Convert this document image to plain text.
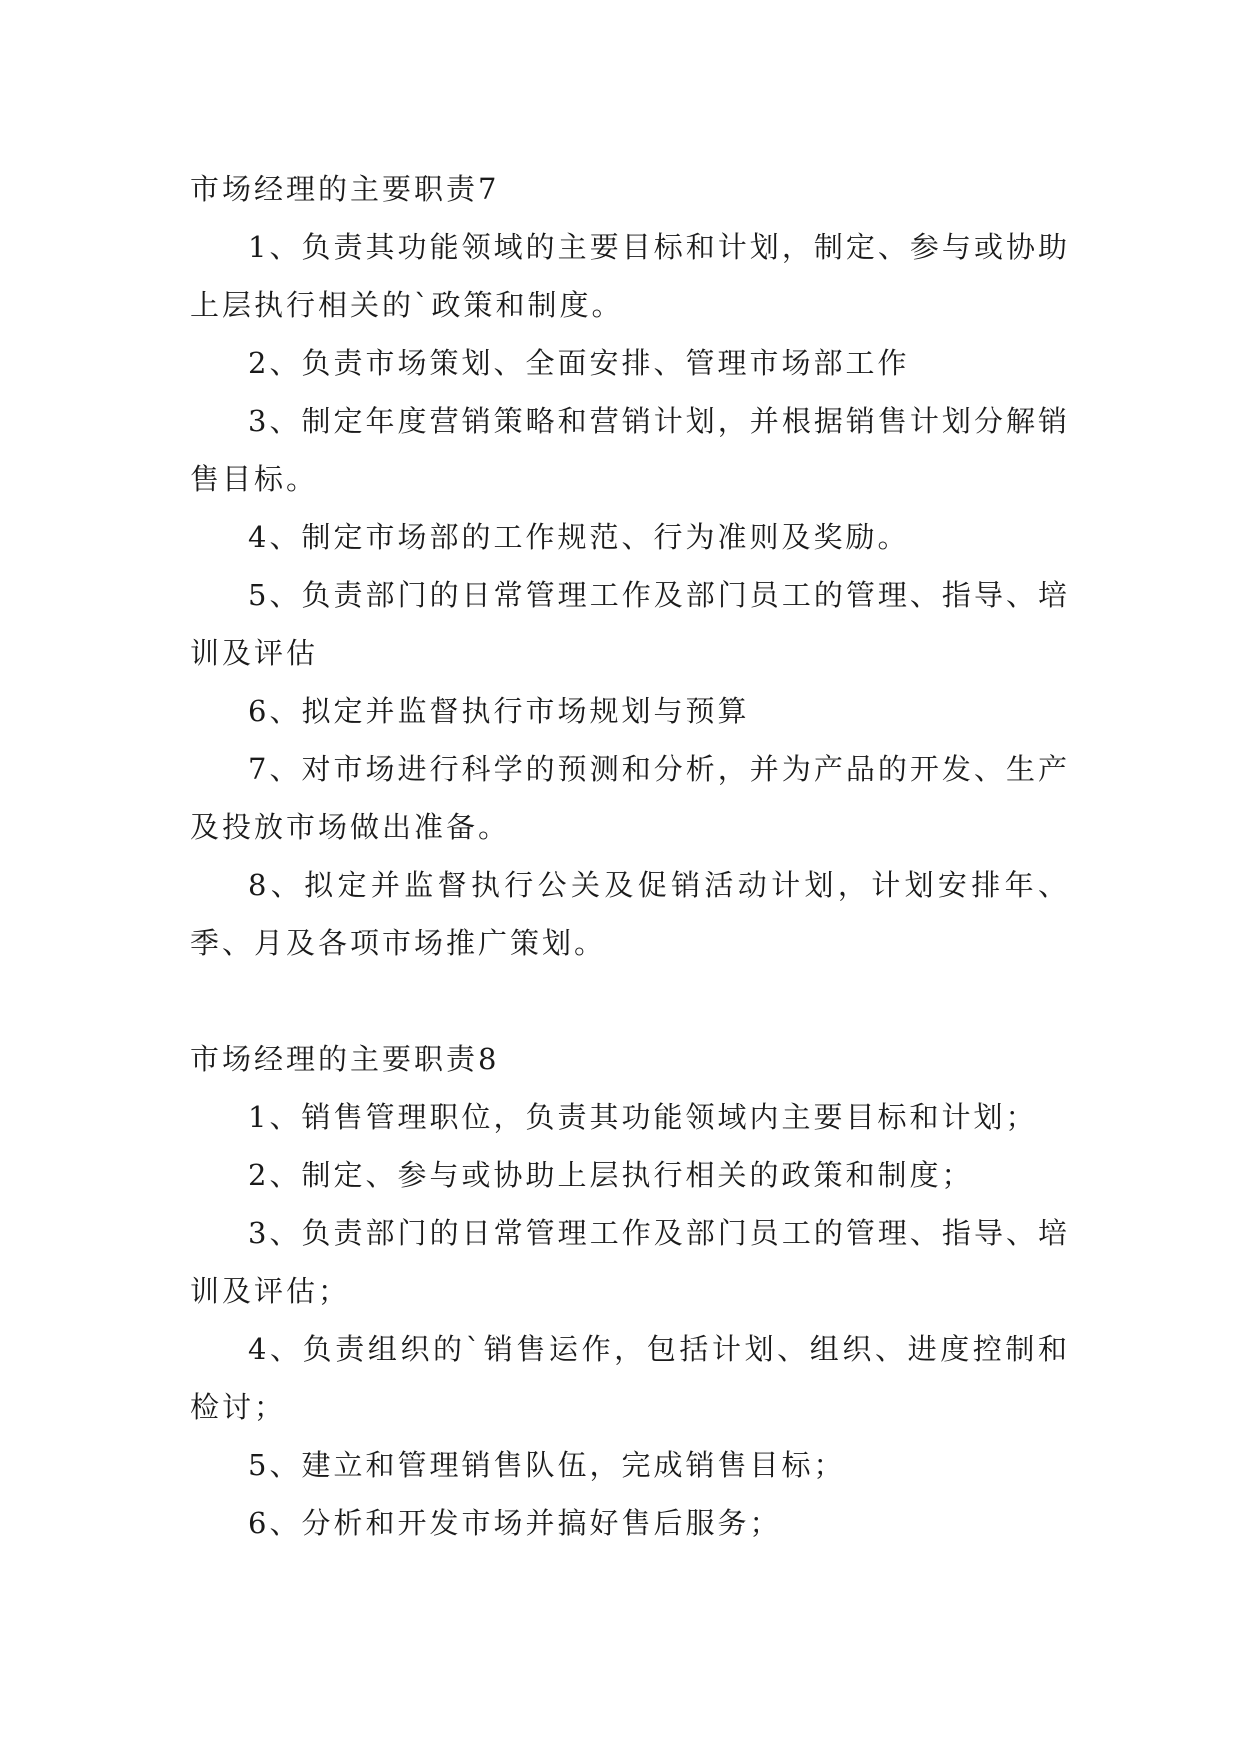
市场经理的主要职责7

1、负责其功能领域的主要目标和计划，制定、参与或协助上层执行相关的`政策和制度。

2、负责市场策划、全面安排、管理市场部工作

3、制定年度营销策略和营销计划，并根据销售计划分解销售目标。

4、制定市场部的工作规范、行为准则及奖励。

5、负责部门的日常管理工作及部门员工的管理、指导、培训及评估

6、拟定并监督执行市场规划与预算

7、对市场进行科学的预测和分析，并为产品的开发、生产及投放市场做出准备。

8、拟定并监督执行公关及促销活动计划，计划安排年、季、月及各项市场推广策划。

市场经理的主要职责8

1、销售管理职位，负责其功能领域内主要目标和计划；

2、制定、参与或协助上层执行相关的政策和制度；

3、负责部门的日常管理工作及部门员工的管理、指导、培训及评估；

4、负责组织的`销售运作，包括计划、组织、进度控制和检讨；

5、建立和管理销售队伍，完成销售目标；

6、分析和开发市场并搞好售后服务；
